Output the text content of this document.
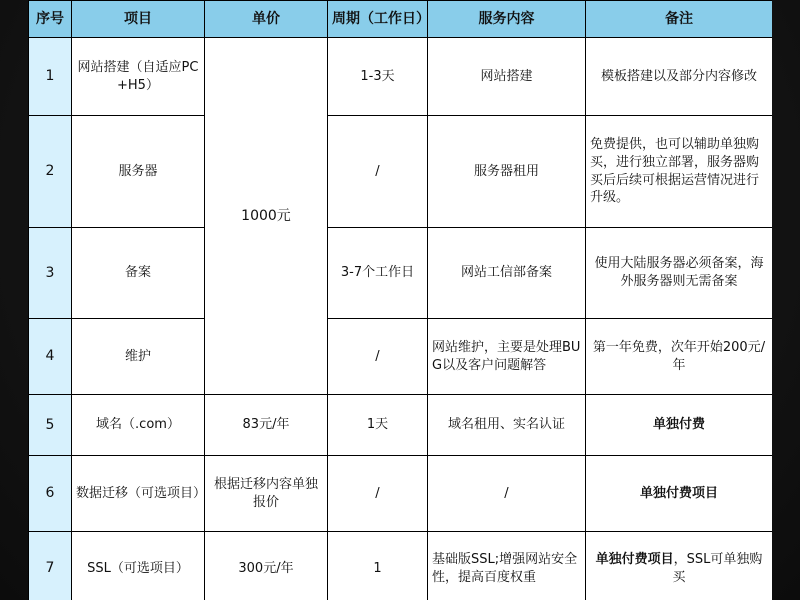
序号	项目	单价	周期（工作日）	服务内容	备注
1	网站搭建（自适应PC+H5）	1000元	1-3天	网站搭建	模板搭建以及部分内容修改
2	服务器		/	服务器租用	免费提供，也可以辅助单独购买，进行独立部署，服务器购买后后续可根据运营情况进行升级。
3	备案		3-7个工作日	网站工信部备案	使用大陆服务器必须备案，海外服务器则无需备案
4	维护		/	网站维护，主要是处理BUG以及客户问题解答	第一年免费，次年开始200元/年
5	域名（.com）	83元/年	1天	域名租用、实名认证	单独付费
6	数据迁移（可选项目）	根据迁移内容单独报价	/	/	单独付费项目
7	SSL（可选项目）	300元/年	1	基础版SSL;增强网站安全性，提高百度权重	单独付费项目，SSL可单独购买
